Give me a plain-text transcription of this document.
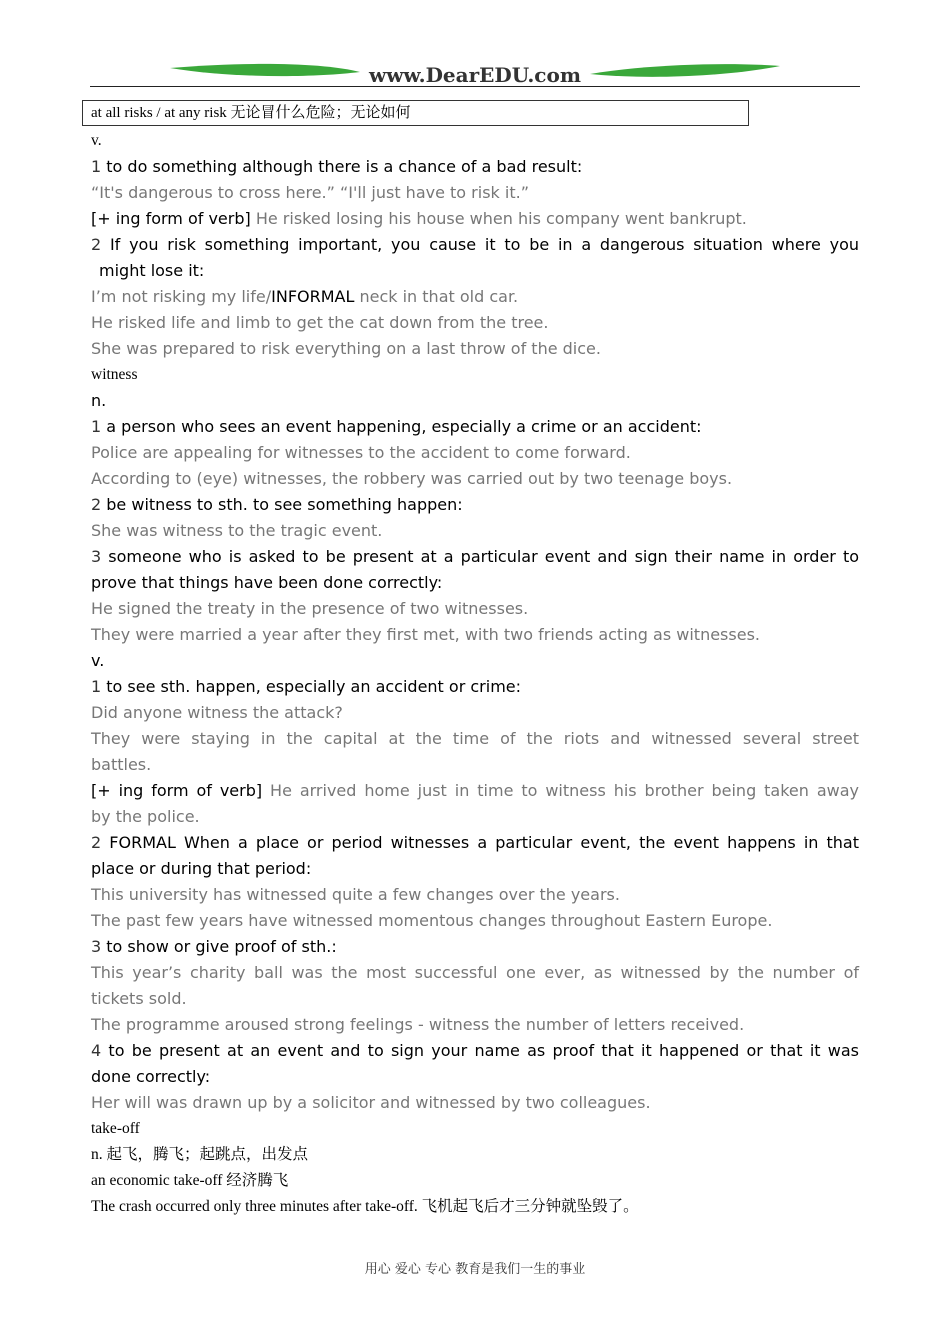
www.DearEDU.com
at all risks / at any risk 无论冒什么危险；无论如何
v.
1 to do something although there is a chance of a bad result:
“It's dangerous to cross here.” “I'll just have to risk it.”
[+ ing form of verb] He risked losing his house when his company went bankrupt.
2 If you risk something important, you cause it to be in a dangerous situation where you
might lose it:
I’m not risking my life/INFORMAL neck in that old car.
He risked life and limb to get the cat down from the tree.
She was prepared to risk everything on a last throw of the dice.
witness
n.
1 a person who sees an event happening, especially a crime or an accident:
Police are appealing for witnesses to the accident to come forward.
According to (eye) witnesses, the robbery was carried out by two teenage boys.
2 be witness to sth. to see something happen:
She was witness to the tragic event.
3 someone who is asked to be present at a particular event and sign their name in order to
prove that things have been done correctly:
He signed the treaty in the presence of two witnesses.
They were married a year after they first met, with two friends acting as witnesses.
v.
1 to see sth. happen, especially an accident or crime:
Did anyone witness the attack?
They were staying in the capital at the time of the riots and witnessed several street
battles.
[+ ing form of verb] He arrived home just in time to witness his brother being taken away
by the police.
2 FORMAL When a place or period witnesses a particular event, the event happens in that
place or during that period:
This university has witnessed quite a few changes over the years.
The past few years have witnessed momentous changes throughout Eastern Europe.
3 to show or give proof of sth.:
This year’s charity ball was the most successful one ever, as witnessed by the number of
tickets sold.
The programme aroused strong feelings - witness the number of letters received.
4 to be present at an event and to sign your name as proof that it happened or that it was
done correctly:
Her will was drawn up by a solicitor and witnessed by two colleagues.
take-off
n. 起飞，腾飞；起跳点，出发点
an economic take-off 经济腾飞
The crash occurred only three minutes after take-off. 飞机起飞后才三分钟就坠毁了。
用心 爱心 专心 教育是我们一生的事业
